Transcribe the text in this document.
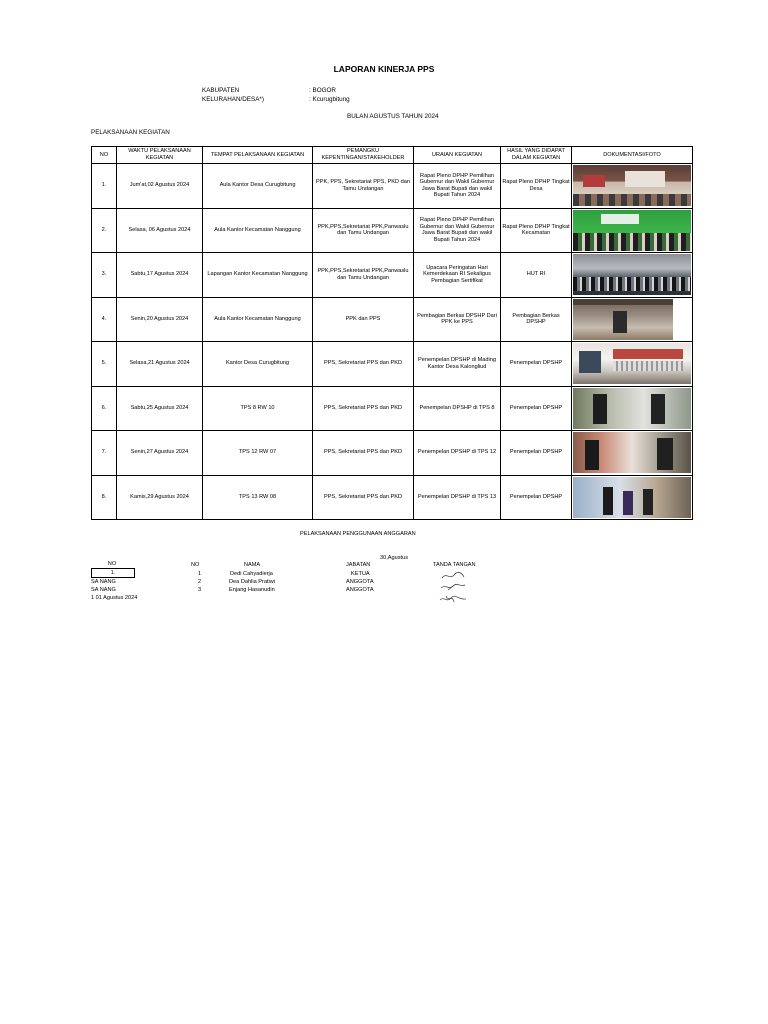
LAPORAN KINERJA PPS
KABUPATEN	: BOGOR
KELURAHAN/DESA*)	: Kcurugbitung
BULAN AGUSTUS TAHUN 2024
PELAKSANAAN KEGIATAN
NO	WAKTU PELAKSANAAN KEGIATAN	TEMPAT PELAKSANAAN KEGIATAN	PEMANGKU KEPENTINGAN/STAKEHOLDER	URAIAN KEGIATAN	HASIL YANG DIDAPAT DALAM KEGIATAN	DOKUMENTASI/FOTO
1.	Jum'at,02 Agustus 2024	Aula Kantor Desa Curugbitung	PPK, PPS, Sekretariat PPS, PKD dan Tamu Undangan	Rapat Pleno DPHP Pemilihan Gubernur dan Wakil Gubernur Jawa Barat Bupati dan wakil Bupati Tahun 2024	Rapat Pleno DPHP Tingkat Desa	

2.	Selasa, 06 Agustus 2024	Aula Kantor Kecamatan Nanggung	PPK,PPS,Sekretariat PPK,Panwaslu dan Tamu Undangan	Rapat Pleno DPHP Pemilihan Gubernur dan Wakil Gubernur Jawa Barat Bupati dan wakil Bupati Tahun 2024	Rapat Pleno DPHP Tingkat Kecamatan	

3.	Sabtu,17 Agustus 2024	Lapangan Kantor Kecamatan Nanggung	PPK,PPS,Sekretariat PPK,Panwaslu dan Tamu Undangan	Upacara Peringatan Hari Kemerdekaan RI Sekaligus Pembagian Sertifikat	HUT RI	

4.	Senin,20 Agustus 2024	Aula Kantor Kecamatan Nanggung	PPK dan PPS	Pembagian Berkas DPSHP Dari PPK ke PPS	Pembagian Berkas DPSHP	

5.	Selasa,21 Agustus 2024	Kantor Desa Curugbitung	PPS, Sekretariat PPS dan PKD	Penempelan DPSHP di Mading Kantor Desa Kalongliud	Penempelan DPSHP	

6.	Sabtu,25 Agustus 2024	TPS 8 RW 10	PPS, Sekretariat PPS dan PKD	Penempelan DPSHP di TPS 8	Penempelan DPSHP	

7.	Senin,27 Agustus 2024	TPS 12 RW 07	PPS, Sekretariat PPS dan PKD	Penempelan DPSHP di TPS 12	Penempelan DPSHP	

8.	Kamis,29 Agustus 2024	TPS 13 RW 08	PPS, Sekretariat PPS dan PKD	Penempelan DPSHP di TPS 13	Penempelan DPSHP	
PELAKSANAAN PENGGUNAAN ANGGARAN
30,Agustus
NO
1.
SA NANG
SA NANG
1 01 Agustus 2024
NO	NAMA	JABATAN	TANDA TANGAN
1	Dedi Cahyadierja	KETUA
2	Dea Dahlia Pratiwi	ANGGOTA
3	Enjang Hasanudin	ANGGOTA
